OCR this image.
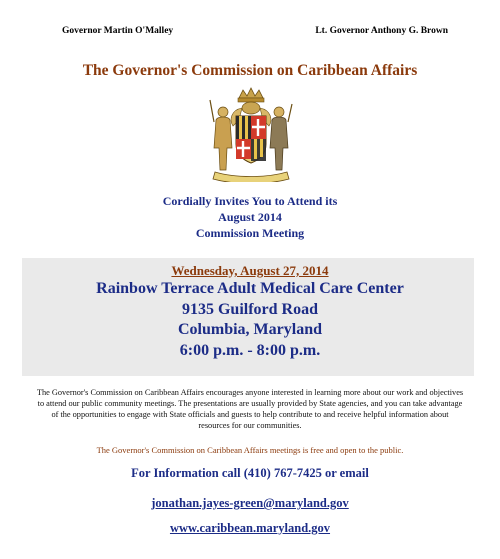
Governor Martin O'Malley	Lt. Governor Anthony G. Brown
The Governor's Commission on Caribbean Affairs
Cordially Invites You to Attend its
August 2014
Commission Meeting
Wednesday, August 27, 2014
Rainbow Terrace Adult Medical Care Center
9135 Guilford Road
Columbia, Maryland
6:00 p.m. - 8:00 p.m.
The Governor's Commission on Caribbean Affairs encourages anyone interested in learning more about our work and objectives to attend our public community meetings. The presentations are usually provided by State agencies, and you can take advantage of the opportunities to engage with State officials and guests to help contribute to and receive helpful information about resources for our communities.
The Governor's Commission on Caribbean Affairs meetings is free and open to the public.
For Information call (410) 767-7425 or email
jonathan.jayes-green@maryland.gov
www.caribbean.maryland.gov
